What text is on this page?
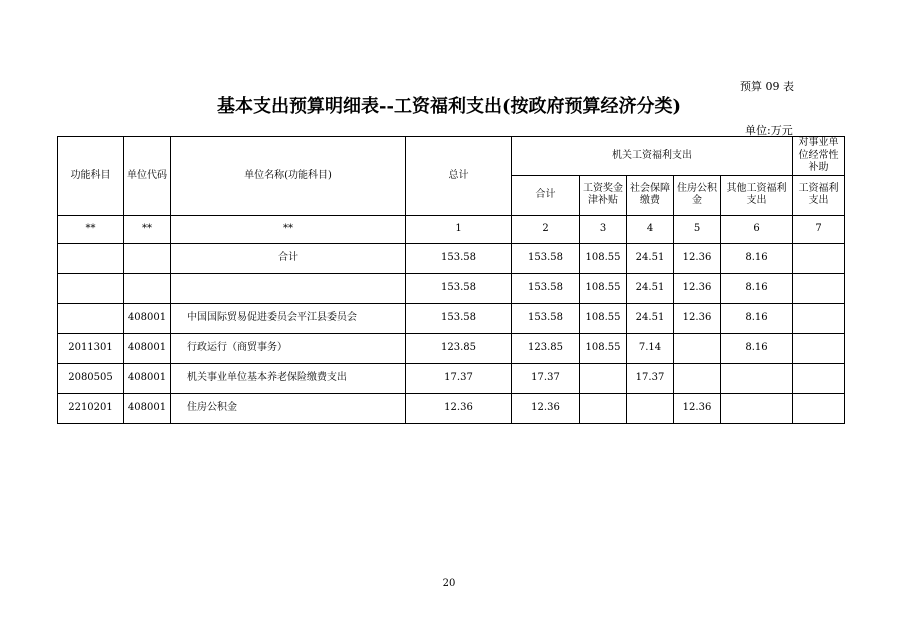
预算 09 表
基本支出预算明细表--工资福利支出(按政府预算经济分类)
单位:万元
功能科目	单位代码	单位名称(功能科目)	总计	机关工资福利支出					对事业单位经常性补助
				合计	工资奖金津补贴	社会保障缴费	住房公积金	其他工资福利支出	工资福利支出
**	**	**	1	2	3	4	5	6	7
		合计	153.58	153.58	108.55	24.51	12.36	8.16	
			153.58	153.58	108.55	24.51	12.36	8.16	
	408001	中国国际贸易促进委员会平江县委员会	153.58	153.58	108.55	24.51	12.36	8.16	
2011301	408001	行政运行（商贸事务）	123.85	123.85	108.55	7.14		8.16	
2080505	408001	机关事业单位基本养老保险缴费支出	17.37	17.37		17.37			
2210201	408001	住房公积金	12.36	12.36			12.36		
20
